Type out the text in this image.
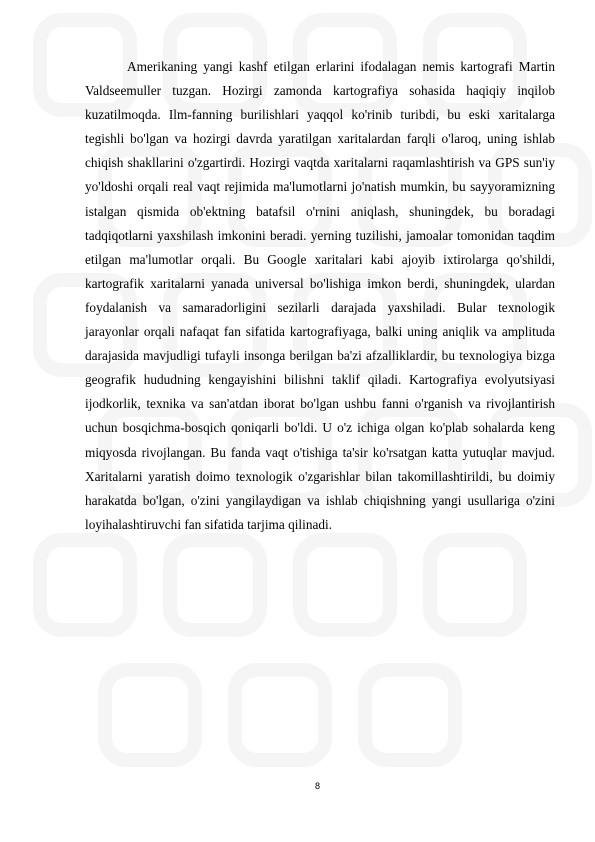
Amerikaning yangi kashf etilgan erlarini ifodalagan nemis kartografi Martin Valdseemuller tuzgan. Hozirgi zamonda kartografiya sohasida haqiqiy inqilob kuzatilmoqda. Ilm-fanning burilishlari yaqqol ko'rinib turibdi, bu eski xaritalarga tegishli bo'lgan va hozirgi davrda yaratilgan xaritalardan farqli o'laroq, uning ishlab chiqish shakllarini o'zgartirdi. Hozirgi vaqtda xaritalarni raqamlashtirish va GPS sun'iy yo'ldoshi orqali real vaqt rejimida ma'lumotlarni jo'natish mumkin, bu sayyoramizning istalgan qismida ob'ektning batafsil o'rnini aniqlash, shuningdek, bu boradagi tadqiqotlarni yaxshilash imkonini beradi. yerning tuzilishi, jamoalar tomonidan taqdim etilgan ma'lumotlar orqali. Bu Google xaritalari kabi ajoyib ixtirolarga qo'shildi, kartografik xaritalarni yanada universal bo'lishiga imkon berdi, shuningdek, ulardan foydalanish va samaradorligini sezilarli darajada yaxshiladi. Bular texnologik jarayonlar orqali nafaqat fan sifatida kartografiyaga, balki uning aniqlik va amplituda darajasida mavjudligi tufayli insonga berilgan ba'zi afzalliklardir, bu texnologiya bizga geografik hududning kengayishini bilishni taklif qiladi. Kartografiya evolyutsiyasi ijodkorlik, texnika va san'atdan iborat bo'lgan ushbu fanni o'rganish va rivojlantirish uchun bosqichma-bosqich qoniqarli bo'ldi. U o'z ichiga olgan ko'plab sohalarda keng miqyosda rivojlangan. Bu fanda vaqt o'tishiga ta'sir ko'rsatgan katta yutuqlar mavjud. Xaritalarni yaratish doimo texnologik o'zgarishlar bilan takomillashtirildi, bu doimiy harakatda bo'lgan, o'zini yangilaydigan va ishlab chiqishning yangi usullariga o'zini loyihalashtiruvchi fan sifatida tarjima qilinadi.

8
